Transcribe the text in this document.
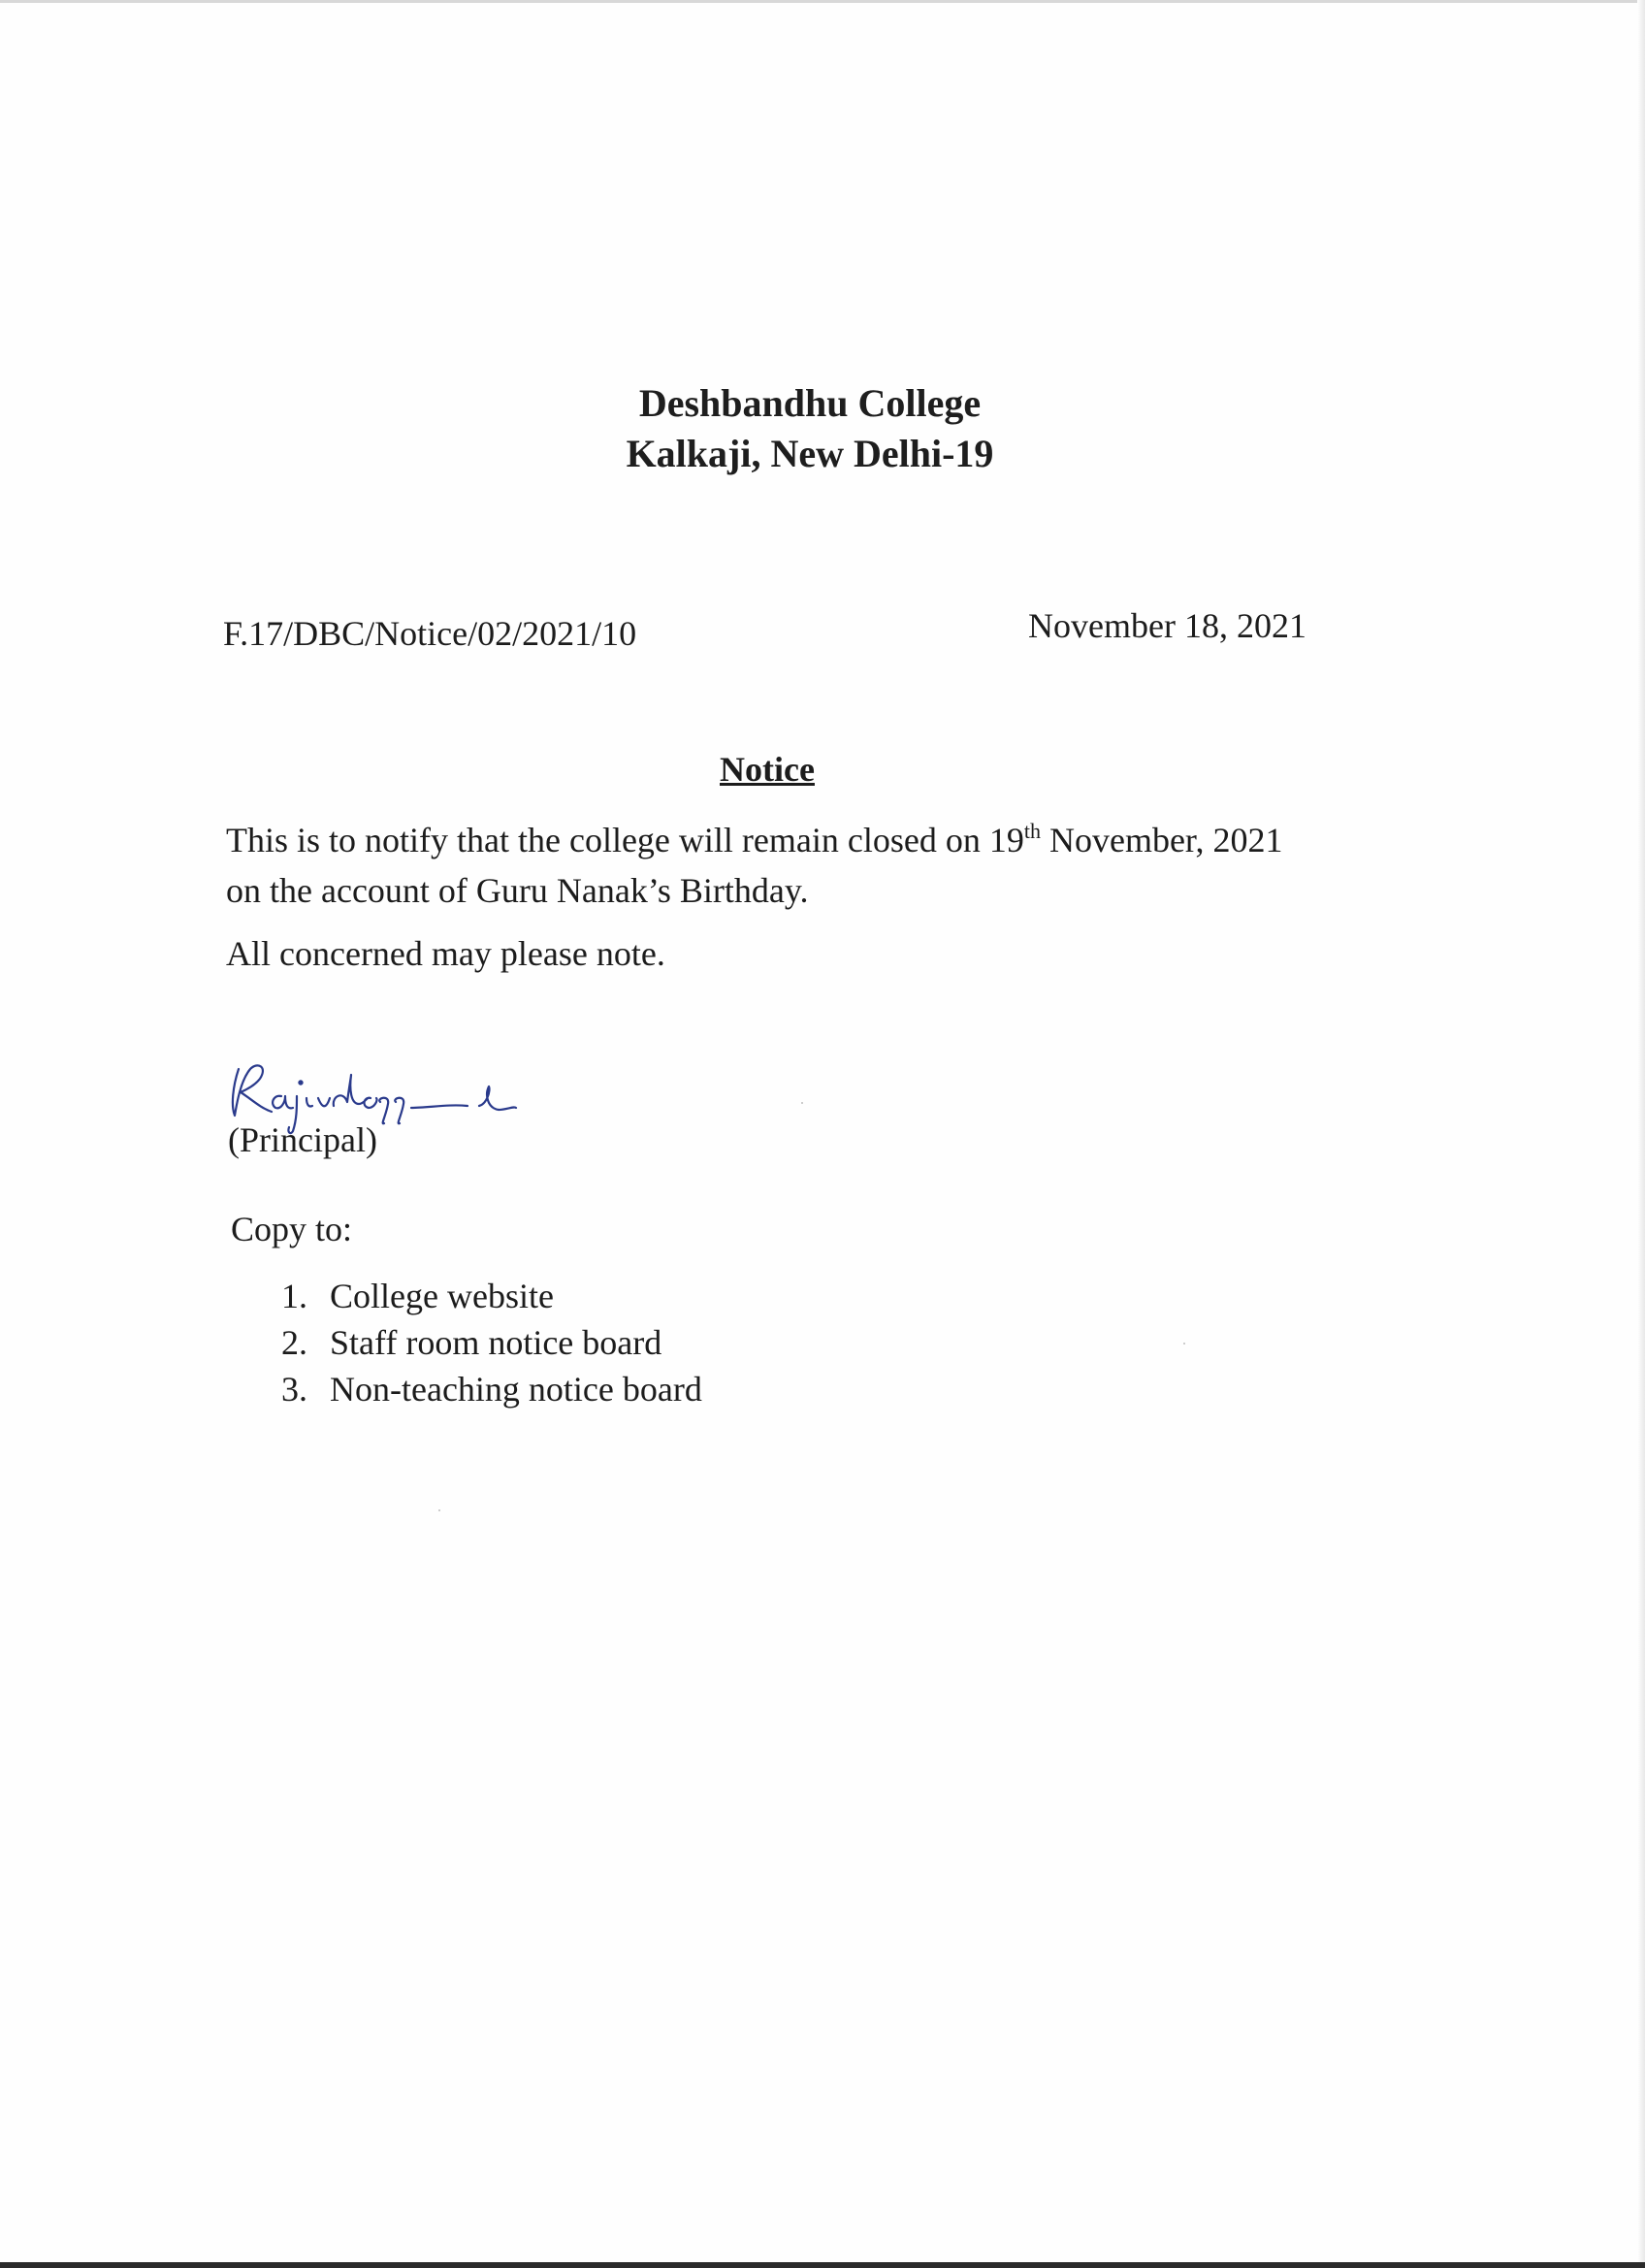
Deshbandhu College
Kalkaji, New Delhi-19
F.17/DBC/Notice/02/2021/10	November 18, 2021
Notice
This is to notify that the college will remain closed on 19th November, 2021
on the account of Guru Nanak’s Birthday.
All concerned may please note.
(Principal)
Copy to:
1. College website
2. Staff room notice board
3. Non-teaching notice board
